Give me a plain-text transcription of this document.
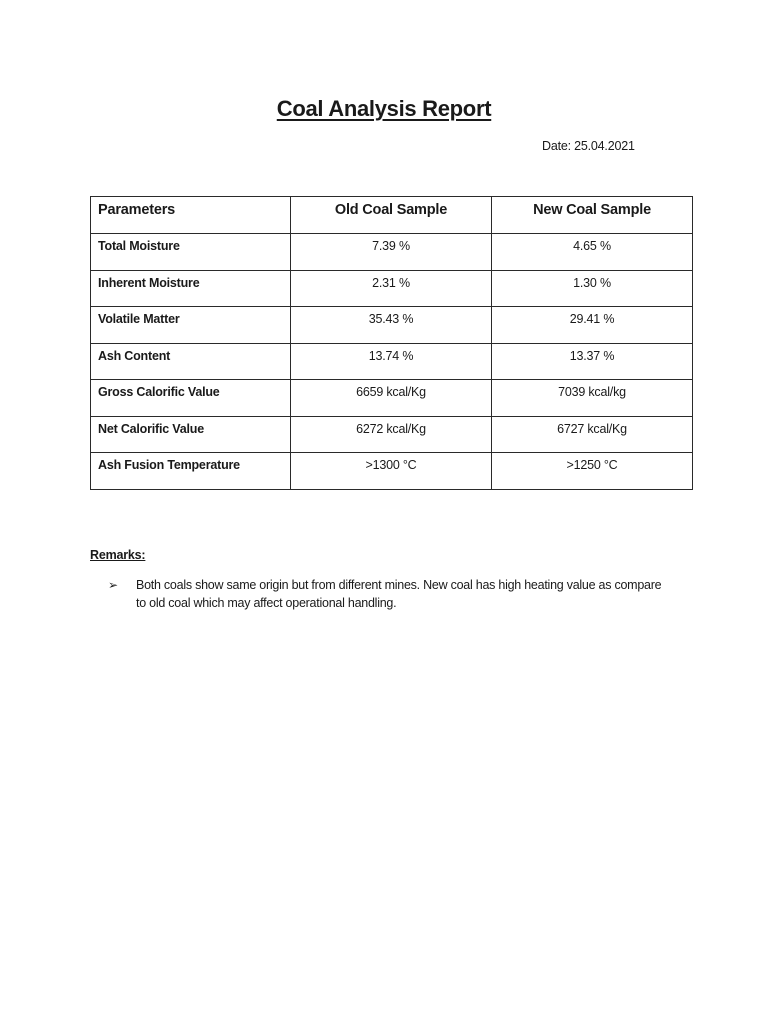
Coal Analysis Report
Date: 25.04.2021
Parameters	Old Coal Sample	New Coal Sample
Total Moisture	7.39 %	4.65 %
Inherent Moisture	2.31 %	1.30 %
Volatile Matter	35.43 %	29.41 %
Ash Content	13.74 %	13.37 %
Gross Calorific Value	6659 kcal/Kg	7039 kcal/kg
Net Calorific Value	6272 kcal/Kg	6727 kcal/Kg
Ash Fusion Temperature	>1300 °C	>1250 °C
Remarks:
➢ Both coals show same origin but from different mines. New coal has high heating value as compare to old coal which may affect operational handling.
